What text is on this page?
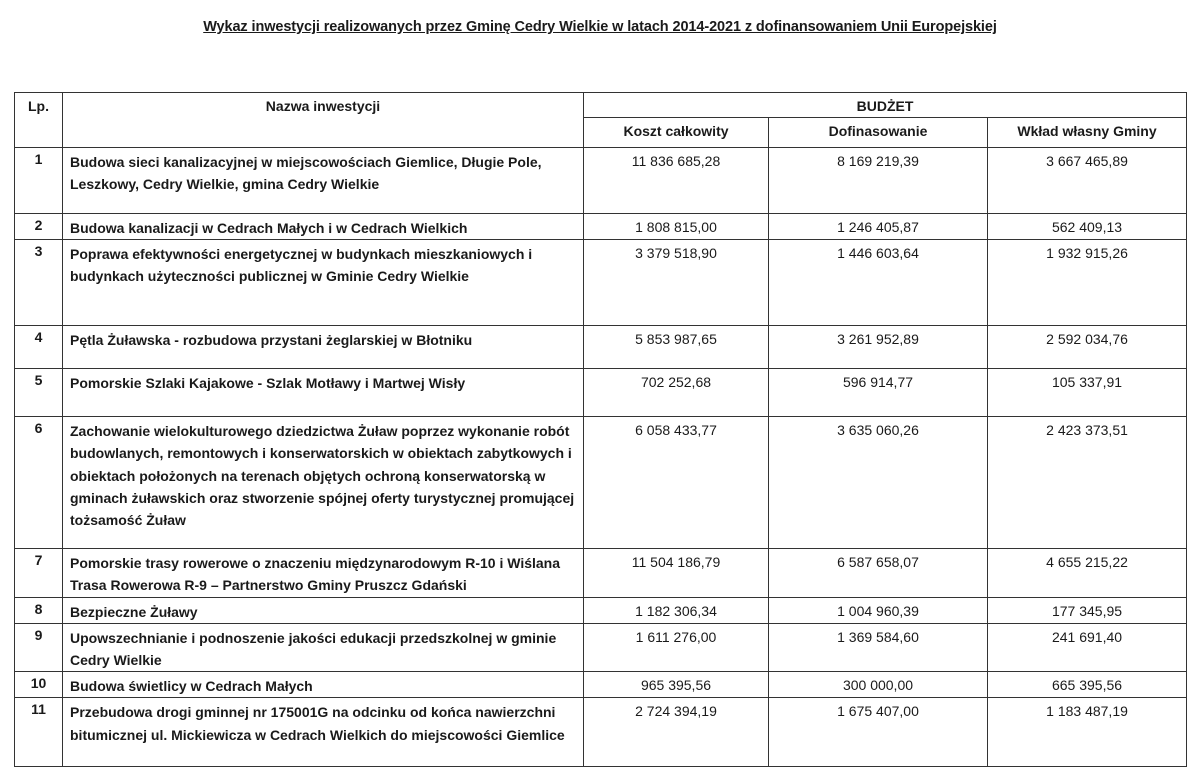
Wykaz inwestycji realizowanych przez Gminę Cedry Wielkie w latach 2014-2021 z dofinansowaniem Unii Europejskiej
Lp.	Nazwa inwestycji	BUDŻET		
		Koszt całkowity	Dofinasowanie	Wkład własny Gminy
1	Budowa sieci kanalizacyjnej w miejscowościach Giemlice, Długie Pole, Leszkowy, Cedry Wielkie, gmina Cedry Wielkie	11 836 685,28	8 169 219,39	3 667 465,89
2	Budowa kanalizacji w Cedrach Małych i w Cedrach Wielkich	1 808 815,00	1 246 405,87	562 409,13
3	Poprawa efektywności energetycznej w budynkach mieszkaniowych i budynkach użyteczności publicznej w Gminie Cedry Wielkie	3 379 518,90	1 446 603,64	1 932 915,26
4	Pętla Żuławska - rozbudowa przystani żeglarskiej w Błotniku	5 853 987,65	3 261 952,89	2 592 034,76
5	Pomorskie Szlaki Kajakowe - Szlak Motławy i Martwej Wisły	702 252,68	596 914,77	105 337,91
6	Zachowanie wielokulturowego dziedzictwa Żuław poprzez wykonanie robót budowlanych, remontowych i konserwatorskich w obiektach zabytkowych i obiektach położonych na terenach objętych ochroną konserwatorską w gminach żuławskich oraz stworzenie spójnej oferty turystycznej promującej tożsamość Żuław	6 058 433,77	3 635 060,26	2 423 373,51
7	Pomorskie trasy rowerowe o znaczeniu międzynarodowym R-10 i Wiślana Trasa Rowerowa R-9 – Partnerstwo Gminy Pruszcz Gdański	11 504 186,79	6 587 658,07	4 655 215,22
8	Bezpieczne Żuławy	1 182 306,34	1 004 960,39	177 345,95
9	Upowszechnianie i podnoszenie jakości edukacji przedszkolnej w gminie Cedry Wielkie	1 611 276,00	1 369 584,60	241 691,40
10	Budowa świetlicy w Cedrach Małych	965 395,56	300 000,00	665 395,56
11	Przebudowa drogi gminnej nr 175001G na odcinku od końca nawierzchni bitumicznej ul. Mickiewicza w Cedrach Wielkich do miejscowości Giemlice	2 724 394,19	1 675 407,00	1 183 487,19
